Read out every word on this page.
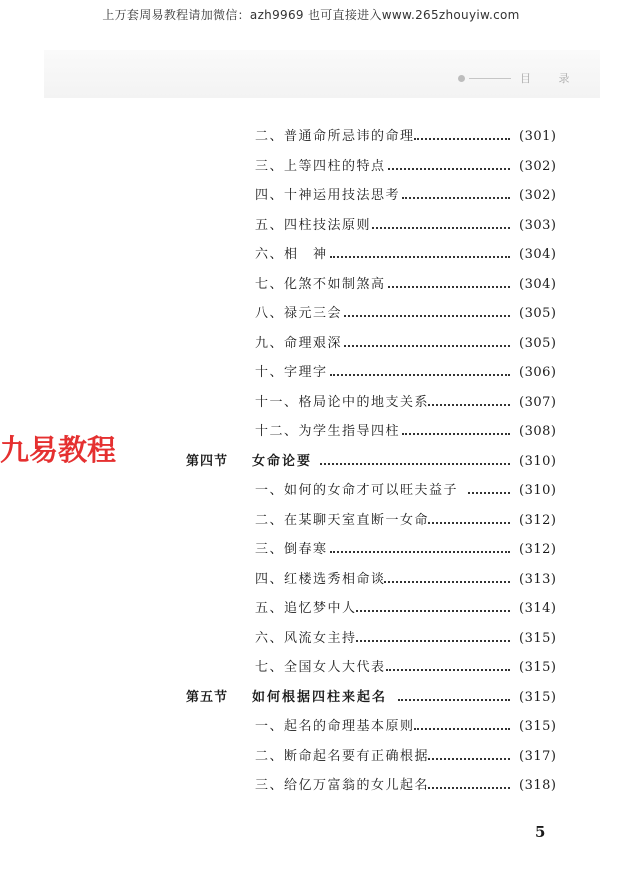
上万套周易教程请加微信：azh9969 也可直接进入www.265zhouyiw.com
目 录
九易教程
二、普通命所忌讳的命理	(301)
三、上等四柱的特点	(302)
四、十神运用技法思考	(302)
五、四柱技法原则	(303)
六、相　神	(304)
七、化煞不如制煞高	(304)
八、禄元三会	(305)
九、命理艰深	(305)
十、字理字	(306)
十一、格局论中的地支关系	(307)
十二、为学生指导四柱	(308)
第四节 女命论要	(310)
一、如何的女命才可以旺夫益子	(310)
二、在某聊天室直断一女命	(312)
三、倒春寒	(312)
四、红楼选秀相命谈	(313)
五、追忆梦中人	(314)
六、风流女主持	(315)
七、全国女人大代表	(315)
第五节 如何根据四柱来起名	(315)
一、起名的命理基本原则	(315)
二、断命起名要有正确根据	(317)
三、给亿万富翁的女儿起名	(318)
5
